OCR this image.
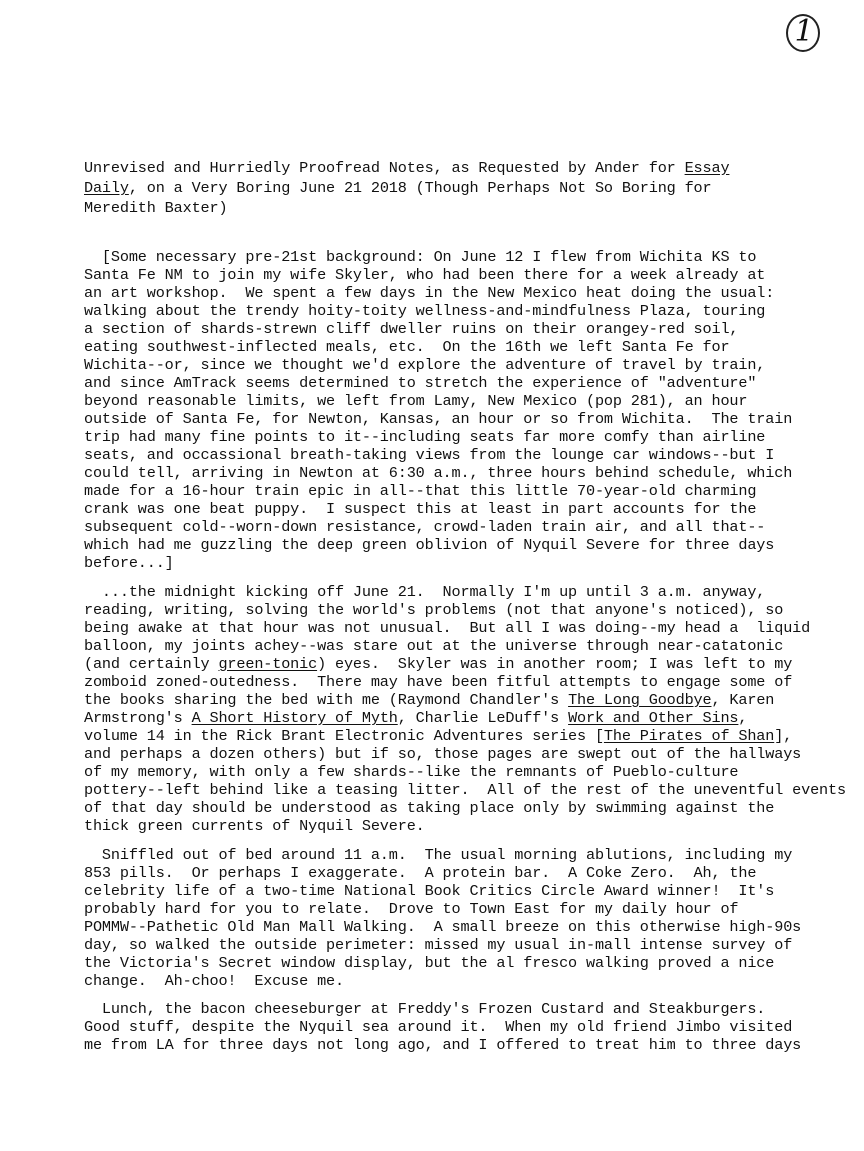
1
Unrevised and Hurriedly Proofread Notes, as Requested by Ander for Essay
Daily, on a Very Boring June 21 2018 (Though Perhaps Not So Boring for
Meredith Baxter)
[Some necessary pre-21st background: On June 12 I flew from Wichita KS to
Santa Fe NM to join my wife Skyler, who had been there for a week already at
an art workshop.  We spent a few days in the New Mexico heat doing the usual:
walking about the trendy hoity-toity wellness-and-mindfulness Plaza, touring
a section of shards-strewn cliff dweller ruins on their orangey-red soil,
eating southwest-inflected meals, etc.  On the 16th we left Santa Fe for
Wichita--or, since we thought we'd explore the adventure of travel by train,
and since AmTrack seems determined to stretch the experience of "adventure"
beyond reasonable limits, we left from Lamy, New Mexico (pop 281), an hour
outside of Santa Fe, for Newton, Kansas, an hour or so from Wichita.  The train
trip had many fine points to it--including seats far more comfy than airline
seats, and occassional breath-taking views from the lounge car windows--but I
could tell, arriving in Newton at 6:30 a.m., three hours behind schedule, which
made for a 16-hour train epic in all--that this little 70-year-old charming
crank was one beat puppy.  I suspect this at least in part accounts for the
subsequent cold--worn-down resistance, crowd-laden train air, and all that--
which had me guzzling the deep green oblivion of Nyquil Severe for three days
before...]
...the midnight kicking off June 21.  Normally I'm up until 3 a.m. anyway,
reading, writing, solving the world's problems (not that anyone's noticed), so
being awake at that hour was not unusual.  But all I was doing--my head a  liquid
balloon, my joints achey--was stare out at the universe through near-catatonic
(and certainly green-tonic) eyes.  Skyler was in another room; I was left to my
zomboid zoned-outedness.  There may have been fitful attempts to engage some of
the books sharing the bed with me (Raymond Chandler's The Long Goodbye, Karen
Armstrong's A Short History of Myth, Charlie LeDuff's Work and Other Sins,
volume 14 in the Rick Brant Electronic Adventures series [The Pirates of Shan],
and perhaps a dozen others) but if so, those pages are swept out of the hallways
of my memory, with only a few shards--like the remnants of Pueblo-culture
pottery--left behind like a teasing litter.  All of the rest of the uneventful events
of that day should be understood as taking place only by swimming against the
thick green currents of Nyquil Severe.
Sniffled out of bed around 11 a.m.  The usual morning ablutions, including my
853 pills.  Or perhaps I exaggerate.  A protein bar.  A Coke Zero.  Ah, the
celebrity life of a two-time National Book Critics Circle Award winner!  It's
probably hard for you to relate.  Drove to Town East for my daily hour of
POMMW--Pathetic Old Man Mall Walking.  A small breeze on this otherwise high-90s
day, so walked the outside perimeter: missed my usual in-mall intense survey of
the Victoria's Secret window display, but the al fresco walking proved a nice
change.  Ah-choo!  Excuse me.
Lunch, the bacon cheeseburger at Freddy's Frozen Custard and Steakburgers.
Good stuff, despite the Nyquil sea around it.  When my old friend Jimbo visited
me from LA for three days not long ago, and I offered to treat him to three days
